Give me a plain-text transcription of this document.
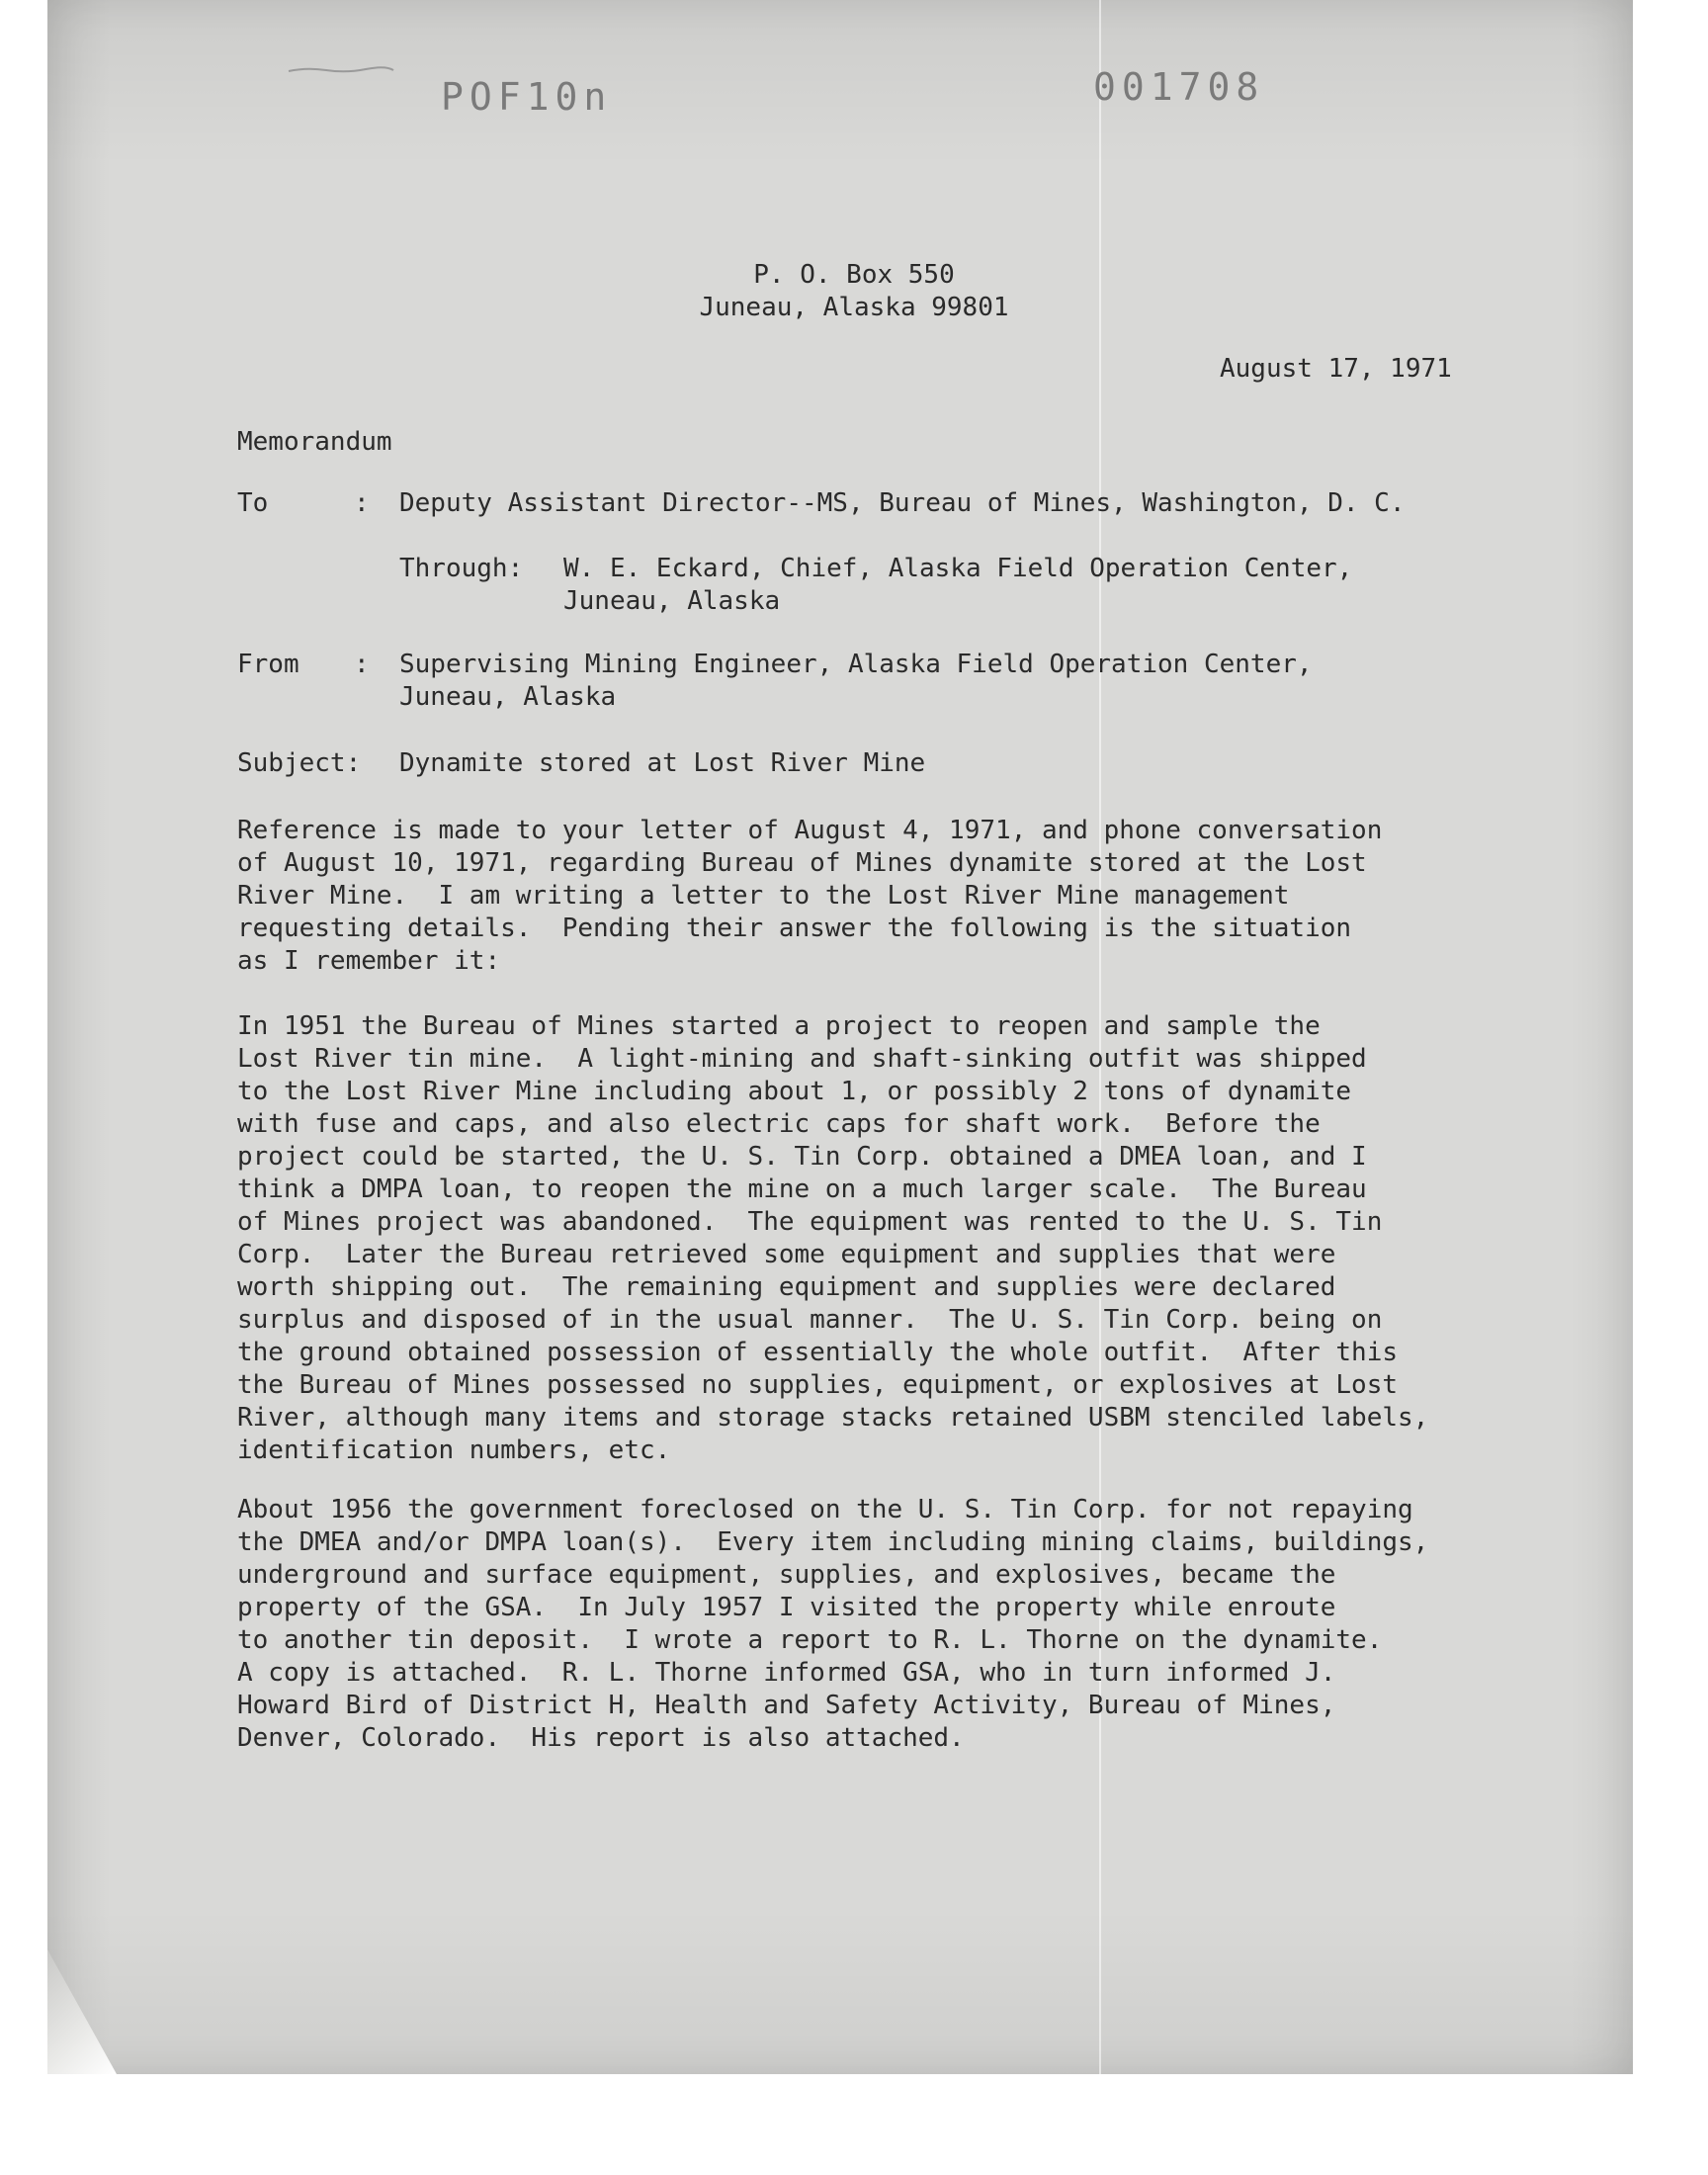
POF10n	001708
P. O. Box 550
Juneau, Alaska 99801
August 17, 1971
Memorandum
To	: Deputy Assistant Director--MS, Bureau of Mines, Washington, D. C.
Through: W. E. Eckard, Chief, Alaska Field Operation Center,
Juneau, Alaska
From : Supervising Mining Engineer, Alaska Field Operation Center,
Juneau, Alaska
Subject: Dynamite stored at Lost River Mine
Reference is made to your letter of August 4, 1971, and phone conversation
of August 10, 1971, regarding Bureau of Mines dynamite stored at the Lost
River Mine.  I am writing a letter to the Lost River Mine management
requesting details.  Pending their answer the following is the situation
as I remember it:
In 1951 the Bureau of Mines started a project to reopen and sample the
Lost River tin mine.  A light-mining and shaft-sinking outfit was shipped
to the Lost River Mine including about 1, or possibly 2 tons of dynamite
with fuse and caps, and also electric caps for shaft work.  Before the
project could be started, the U. S. Tin Corp. obtained a DMEA loan, and I
think a DMPA loan, to reopen the mine on a much larger scale.  The Bureau
of Mines project was abandoned.  The equipment was rented to the U. S. Tin
Corp.  Later the Bureau retrieved some equipment and supplies that were
worth shipping out.  The remaining equipment and supplies were declared
surplus and disposed of in the usual manner.  The U. S. Tin Corp. being on
the ground obtained possession of essentially the whole outfit.  After this
the Bureau of Mines possessed no supplies, equipment, or explosives at Lost
River, although many items and storage stacks retained USBM stenciled labels,
identification numbers, etc.
About 1956 the government foreclosed on the U. S. Tin Corp. for not repaying
the DMEA and/or DMPA loan(s).  Every item including mining claims, buildings,
underground and surface equipment, supplies, and explosives, became the
property of the GSA.  In July 1957 I visited the property while enroute
to another tin deposit.  I wrote a report to R. L. Thorne on the dynamite.
A copy is attached.  R. L. Thorne informed GSA, who in turn informed J.
Howard Bird of District H, Health and Safety Activity, Bureau of Mines,
Denver, Colorado.  His report is also attached.
